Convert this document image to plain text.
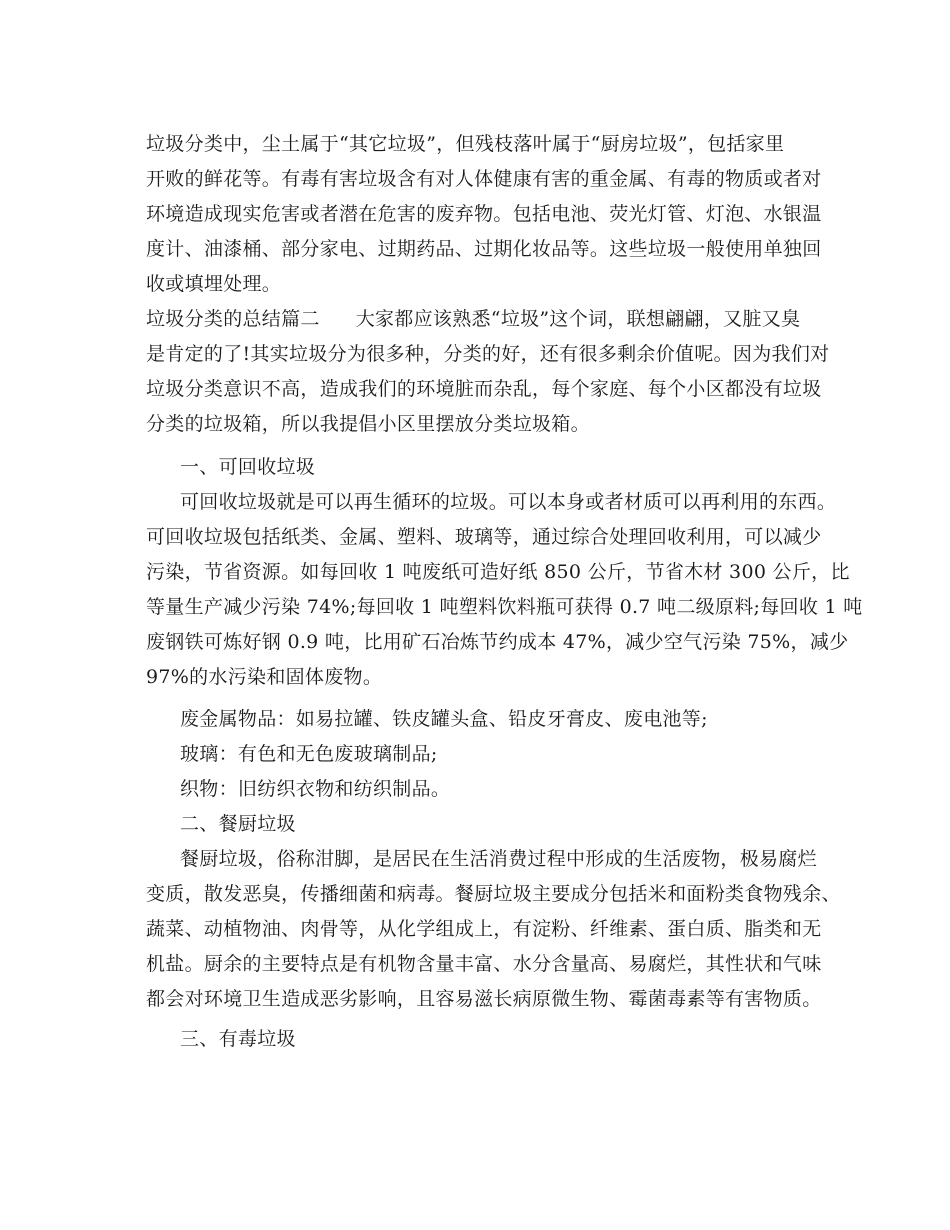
垃圾分类中，尘土属于“其它垃圾”，但残枝落叶属于“厨房垃圾”，包括家里
开败的鲜花等。有毒有害垃圾含有对人体健康有害的重金属、有毒的物质或者对
环境造成现实危害或者潜在危害的废弃物。包括电池、荧光灯管、灯泡、水银温
度计、油漆桶、部分家电、过期药品、过期化妆品等。这些垃圾一般使用单独回
收或填埋处理。
垃圾分类的总结篇二 大家都应该熟悉“垃圾”这个词，联想翩翩，又脏又臭
是肯定的了!其实垃圾分为很多种，分类的好，还有很多剩余价值呢。因为我们对
垃圾分类意识不高，造成我们的环境脏而杂乱，每个家庭、每个小区都没有垃圾
分类的垃圾箱，所以我提倡小区里摆放分类垃圾箱。
一、可回收垃圾
可回收垃圾就是可以再生循环的垃圾。可以本身或者材质可以再利用的东西。
可回收垃圾包括纸类、金属、塑料、玻璃等，通过综合处理回收利用，可以减少
污染，节省资源。如每回收 1 吨废纸可造好纸 850 公斤，节省木材 300 公斤，比
等量生产减少污染 74%;每回收 1 吨塑料饮料瓶可获得 0.7 吨二级原料;每回收 1 吨
废钢铁可炼好钢 0.9 吨，比用矿石冶炼节约成本 47%，减少空气污染 75%，减少
97%的水污染和固体废物。
废金属物品：如易拉罐、铁皮罐头盒、铅皮牙膏皮、废电池等;
玻璃：有色和无色废玻璃制品;
织物：旧纺织衣物和纺织制品。
二、餐厨垃圾
餐厨垃圾，俗称泔脚，是居民在生活消费过程中形成的生活废物，极易腐烂
变质，散发恶臭，传播细菌和病毒。餐厨垃圾主要成分包括米和面粉类食物残余、
蔬菜、动植物油、肉骨等，从化学组成上，有淀粉、纤维素、蛋白质、脂类和无
机盐。厨余的主要特点是有机物含量丰富、水分含量高、易腐烂，其性状和气味
都会对环境卫生造成恶劣影响，且容易滋长病原微生物、霉菌毒素等有害物质。
三、有毒垃圾
